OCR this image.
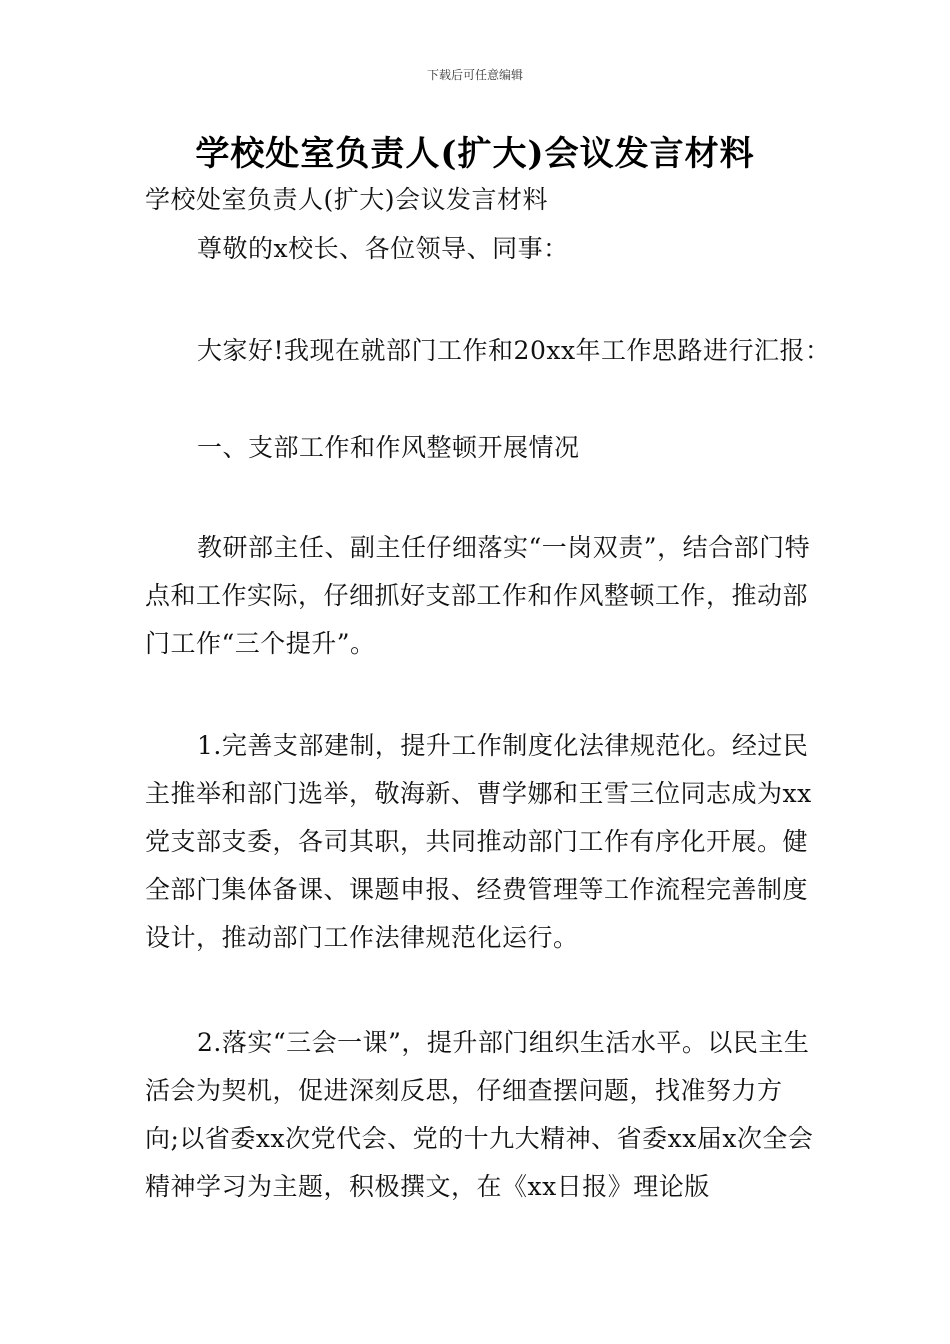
下载后可任意编辑
学校处室负责人(扩大)会议发言材料

学校处室负责人(扩大)会议发言材料

尊敬的x校长、各位领导、同事：

大家好!我现在就部门工作和20xx年工作思路进行汇报：

一、支部工作和作风整顿开展情况

教研部主任、副主任仔细落实“一岗双责”，结合部门特点和工作实际，仔细抓好支部工作和作风整顿工作，推动部门工作“三个提升”。

1.完善支部建制，提升工作制度化法律规范化。经过民主推举和部门选举，敬海新、曹学娜和王雪三位同志成为xx党支部支委，各司其职，共同推动部门工作有序化开展。健全部门集体备课、课题申报、经费管理等工作流程完善制度设计，推动部门工作法律规范化运行。

2.落实“三会一课”，提升部门组织生活水平。以民主生活会为契机，促进深刻反思，仔细查摆问题，找准努力方向;以省委xx次党代会、党的十九大精神、省委xx届x次全会精神学习为主题，积极撰文，在《xx日报》理论版
